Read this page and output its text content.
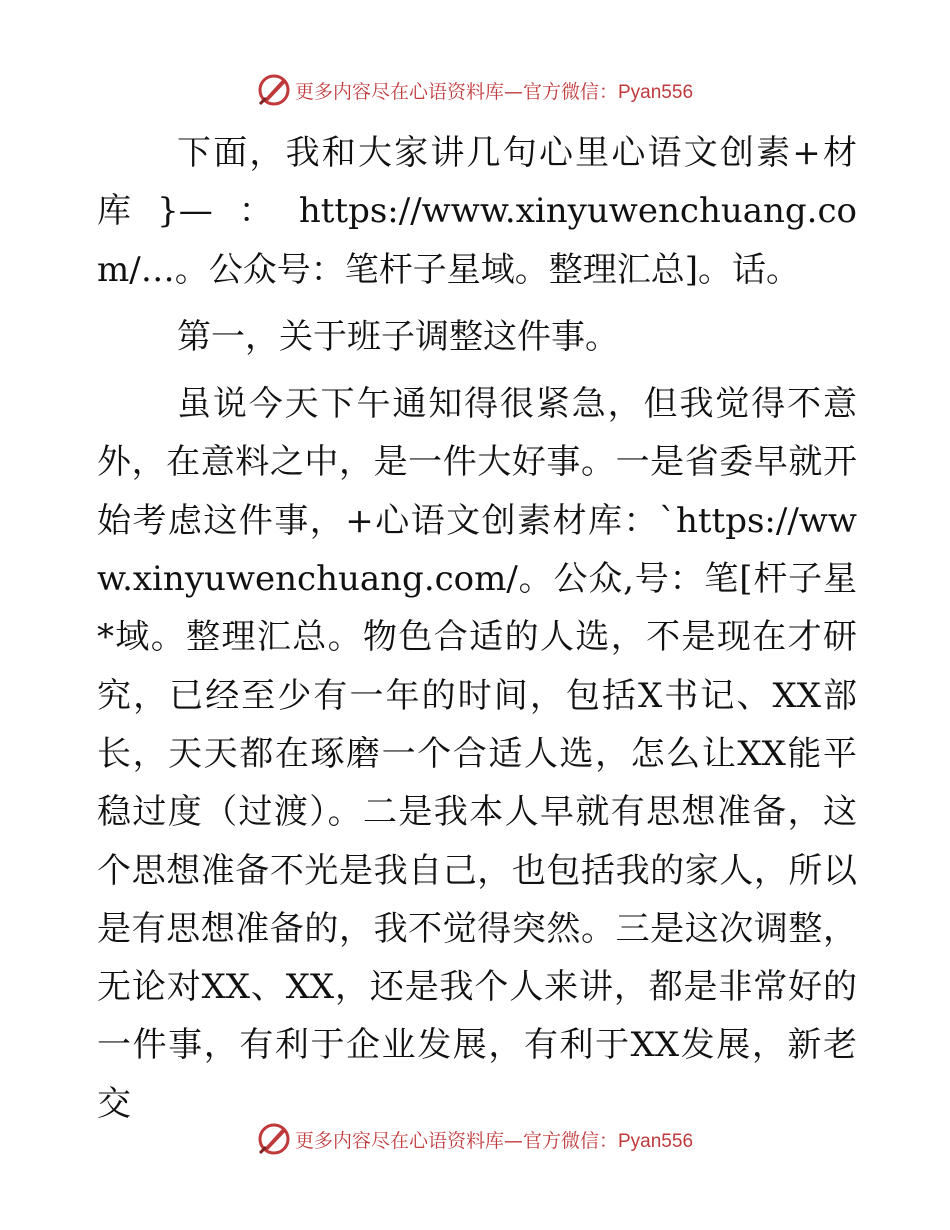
更多内容尽在心语资料库—官方微信：Pyan556

下面，我和大家讲几句心里心语文创素+材库}—：https://www.xinyuwenchuang.com/…。公众号：笔杆子星域。整理汇总]。话。

第一，关于班子调整这件事。

虽说今天下午通知得很紧急，但我觉得不意外，在意料之中，是一件大好事。一是省委早就开始考虑这件事，+心语文创素材库：`https://www.xinyuwenchuang.com/。公众,号：笔[杆子星*域。整理汇总。物色合适的人选，不是现在才研究，已经至少有一年的时间，包括X书记、XX部长，天天都在琢磨一个合适人选，怎么让XX能平稳过度（过渡）。二是我本人早就有思想准备，这个思想准备不光是我自己，也包括我的家人，所以是有思想准备的，我不觉得突然。三是这次调整，无论对XX、XX，还是我个人来讲，都是非常好的一件事，有利于企业发展，有利于XX发展，新老交

更多内容尽在心语资料库—官方微信：Pyan556
